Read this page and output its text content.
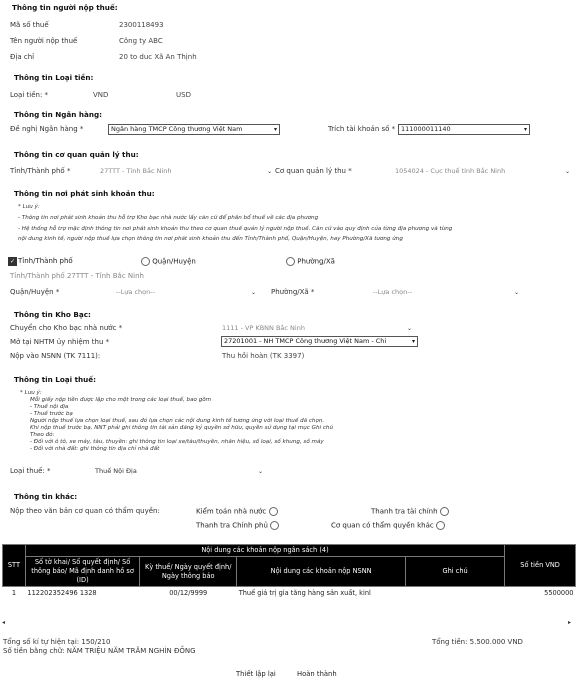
Thông tin người nộp thuế:
Mã số thuế	2300118493
Tên người nộp thuế	Công ty ABC
Địa chỉ	20 to duc Xã An Thịnh
Thông tin Loại tiền:
Loại tiền: *	VND	USD
Thông tin Ngân hàng:
Đề nghị Ngân hàng *	Ngân hàng TMCP Công thương Việt Nam	▾	Trích tài khoản số * 111000011140	▾
Thông tin cơ quan quản lý thu:
Tỉnh/Thành phố *	27TTT - Tỉnh Bắc Ninh	⌄ Cơ quan quản lý thu *	1054024 - Cục thuế tỉnh Bắc Ninh	⌄
Thông tin nơi phát sinh khoản thu:
* Lưu ý:
- Thông tin nơi phát sinh khoản thu hỗ trợ Kho bạc nhà nước lấy căn cứ để phân bổ thuế về các địa phương
- Hệ thống hỗ trợ mặc định thông tin nơi phát sinh khoản thu theo cơ quan thuế quản lý người nộp thuế. Căn cứ vào quy định của từng địa phương và từng
nội dung kinh tế, người nộp thuế lựa chọn thông tin nơi phát sinh khoản thu đến Tỉnh/Thành phố, Quận/Huyện, hay Phường/Xã tương ứng
✓ Tỉnh/Thành phố	Quận/Huyện	Phường/Xã
Tỉnh/Thành phố 27TTT - Tỉnh Bắc Ninh
Quận/Huyện *	--Lựa chọn--	⌄ Phường/Xã *	--Lựa chọn--	⌄
Thông tin Kho Bạc:
Chuyển cho Kho bạc nhà nước *	1111 - VP KBNN Bắc Ninh	⌄
Mở tại NHTM ủy nhiệm thu *	27201001 - NH TMCP Công thương Việt Nam - Chi	▾
Nộp vào NSNN (TK 7111):	Thu hồi hoàn (TK 3397)
Thông tin Loại thuế:
* Lưu ý:
Mỗi giấy nộp tiền được lập cho một trong các loại thuế, bao gồm
- Thuế nội địa
- Thuế trước bạ
Người nộp thuế lựa chọn loại thuế, sau đó lựa chọn các nội dung kinh tế tương ứng với loại thuế đã chọn.
Khi nộp thuế trước bạ, NNT phải ghi thông tin tài sản đăng ký quyền sở hữu, quyền sử dụng tại mục Ghi chú
Theo đó:
- Đối với ô tô, xe máy, tàu, thuyền: ghi thông tin loại xe/tàu/thuyền, nhãn hiệu, số loại, số khung, số máy
- Đối với nhà đất: ghi thông tin địa chỉ nhà đất
Loại thuế: *	Thuế Nội Địa	⌄
Thông tin khác:
Nộp theo văn bản cơ quan có thẩm quyền:	Kiểm toán nhà nước	Thanh tra tài chính
Thanh tra Chính phủ	Cơ quan có thẩm quyền khác
STT	Nội dung các khoản nộp ngân sách (4)				Số tiền VND
	Số tờ khai/ Số quyết định/ Số thông báo/ Mã định danh hồ sơ (ID)	Kỳ thuế/ Ngày quyết định/ Ngày thông báo	Nội dung các khoản nộp NSNN	Ghi chú	
1	112202352496 1328	00/12/9999	Thuế giá trị gia tăng hàng sản xuất, kinl		5500000
◂	▸
Tổng số kí tự hiện tại: 150/210
Số tiền bằng chữ: NĂM TRIỆU NĂM TRĂM NGHÌN ĐỒNG
Tổng tiền: 5.500.000 VND
Thiết lập lại	Hoàn thành
